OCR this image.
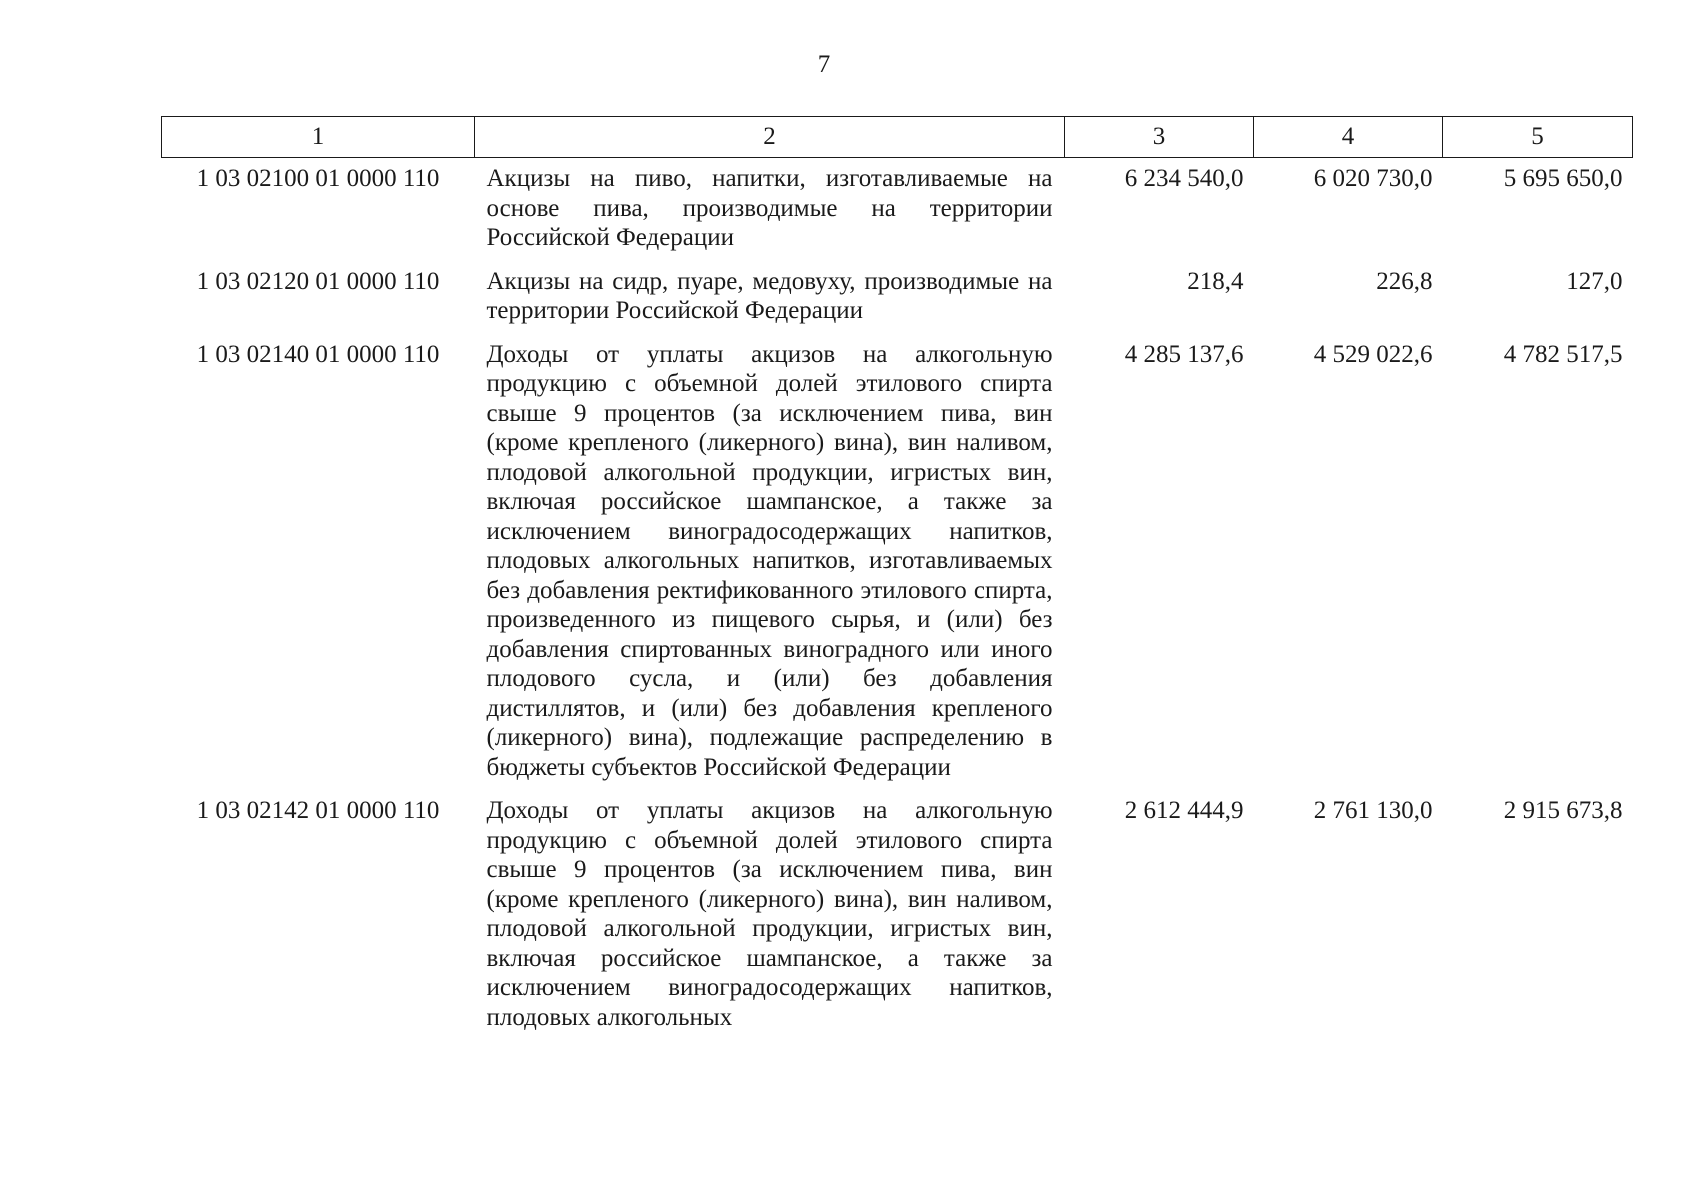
7
1	2	3	4	5
1 03 02100 01 0000 110	Акцизы на пиво, напитки, изготавливаемые на основе пива, производимые на территории Российской Федерации	6 234 540,0	6 020 730,0	5 695 650,0
1 03 02120 01 0000 110	Акцизы на сидр, пуаре, медовуху, производимые на территории Российской Федерации	218,4	226,8	127,0
1 03 02140 01 0000 110	Доходы от уплаты акцизов на алкогольную продукцию с объемной долей этилового спирта свыше 9 процентов (за исключением пива, вин (кроме крепленого (ликерного) вина), вин наливом, плодовой алкогольной продукции, игристых вин, включая российское шампанское, а также за исключением виноградосодержащих напитков, плодовых алкогольных напитков, изготавливаемых без добавления ректификованного этилового спирта, произведенного из пищевого сырья, и (или) без добавления спиртованных виноградного или иного плодового сусла, и (или) без добавления дистиллятов, и (или) без добавления крепленого (ликерного) вина), подлежащие распределению в бюджеты субъектов Российской Федерации	4 285 137,6	4 529 022,6	4 782 517,5
1 03 02142 01 0000 110	Доходы от уплаты акцизов на алкогольную продукцию с объемной долей этилового спирта свыше 9 процентов (за исключением пива, вин (кроме крепленого (ликерного) вина), вин наливом, плодовой алкогольной продукции, игристых вин, включая российское шампанское, а также за исключением виноградосодержащих напитков, плодовых алкогольных	2 612 444,9	2 761 130,0	2 915 673,8
